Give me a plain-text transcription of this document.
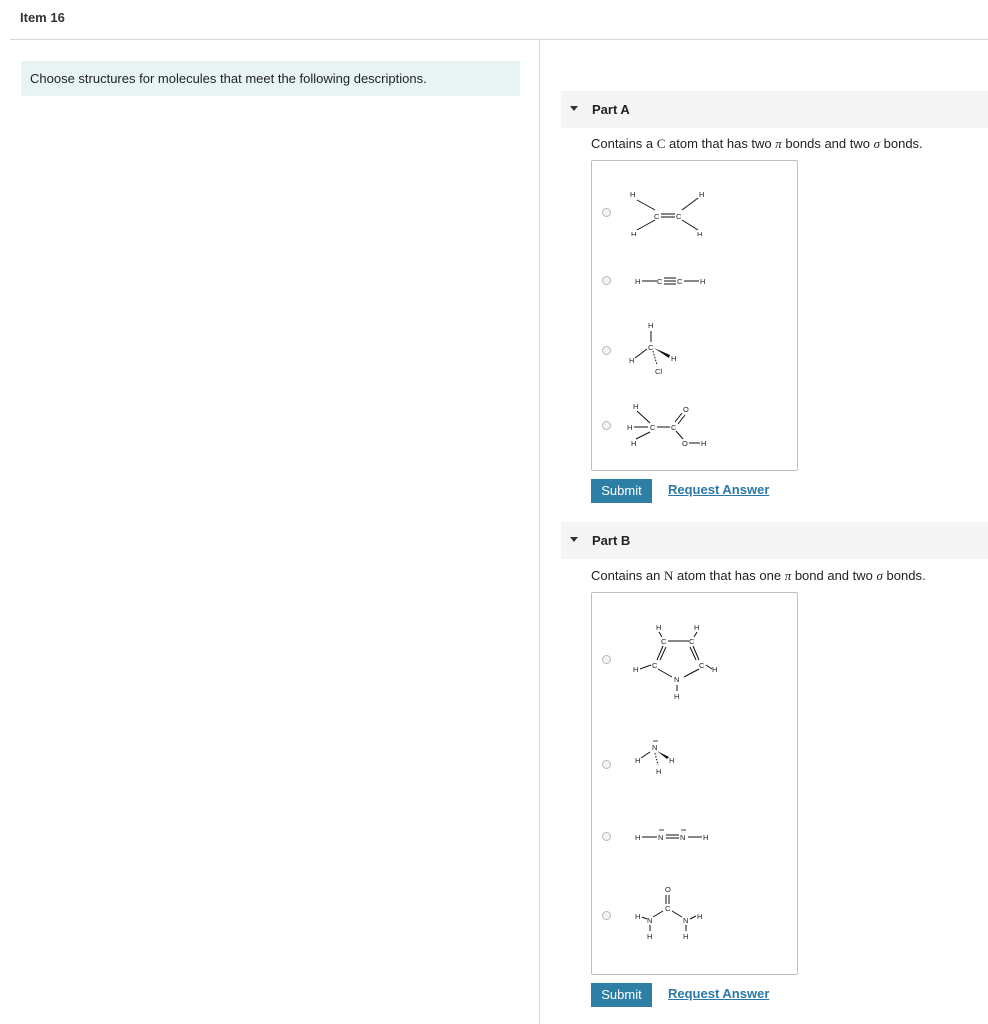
Item 16
Choose structures for molecules that meet the following descriptions.
Part A
Contains a C atom that has two π bonds and two σ bonds.
H	H
C C
H	H
H C C H
H
C
H	H
Cl
H
H C
H
C
O
O H
Submit	Request Answer
Part B
Contains an N atom that has one π bond and two σ bonds.
H	H
C	C
H C	C H
N
H
N
H	H
H
H N N H
O
C
H N	N H
H	H
Submit	Request Answer
